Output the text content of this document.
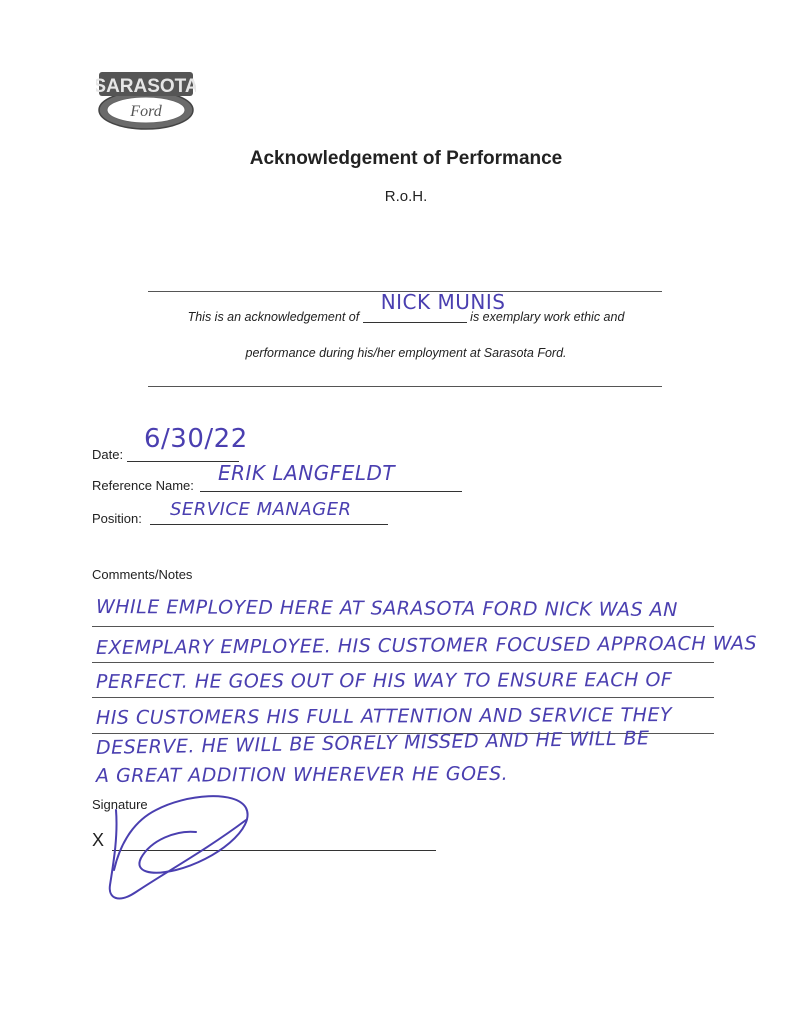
SARASOTA
Ford
Acknowledgement of Performance
R.o.H.
This is an acknowledgement of
NICK MUNIS
is exemplary work ethic and
performance during his/her employment at Sarasota Ford.
Date:
6/30/22
Reference Name:
ERIK LANGFELDT
Position: SERVICE MANAGER
Comments/Notes
WHILE EMPLOYED HERE AT SARASOTA FORD NICK WAS AN
EXEMPLARY EMPLOYEE. HIS CUSTOMER FOCUSED APPROACH WAS
PERFECT. HE GOES OUT OF HIS WAY TO ENSURE EACH OF
HIS CUSTOMERS HIS FULL ATTENTION AND SERVICE THEY
DESERVE. HE WILL BE SORELY MISSED AND HE WILL BE
A GREAT ADDITION WHEREVER HE GOES.
Signature
X
